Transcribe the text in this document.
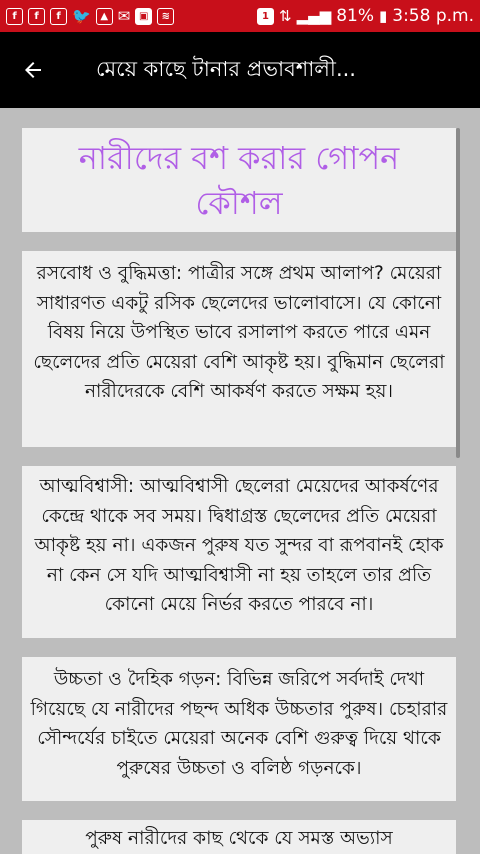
f	f	f 🐦 ▲ ✉ ▣	≋	1 ⇅ ▂▄▆ 81% ▮ 3:58 p.m.
মেয়ে কাছে টানার প্রভাবশালী...
নারীদের বশ করার গোপন কৌশল
রসবোধ ও বুদ্ধিমত্তা: পাত্রীর সঙ্গে প্রথম আলাপ? মেয়েরা সাধারণত একটু রসিক ছেলেদের ভালোবাসে। যে কোনো বিষয় নিয়ে উপস্থিত ভাবে রসালাপ করতে পারে এমন ছেলেদের প্রতি মেয়েরা বেশি আকৃষ্ট হয়। বুদ্ধিমান ছেলেরা নারীদেরকে বেশি আকর্ষণ করতে সক্ষম হয়।
আত্মবিশ্বাসী: আত্মবিশ্বাসী ছেলেরা মেয়েদের আকর্ষণের কেন্দ্রে থাকে সব সময়। দ্বিধাগ্রস্ত ছেলেদের প্রতি মেয়েরা আকৃষ্ট হয় না। একজন পুরুষ যত সুন্দর বা রূপবানই হোক না কেন সে যদি আত্মবিশ্বাসী না হয় তাহলে তার প্রতি কোনো মেয়ে নির্ভর করতে পারবে না।
উচ্চতা ও দৈহিক গড়ন: বিভিন্ন জরিপে সর্বদাই দেখা গিয়েছে যে নারীদের পছন্দ অধিক উচ্চতার পুরুষ। চেহারার সৌন্দর্যের চাইতে মেয়েরা অনেক বেশি গুরুত্ব দিয়ে থাকে পুরুষের উচ্চতা ও বলিষ্ঠ গড়নকে।
পুরুষ নারীদের কাছ থেকে যে সমস্ত অভ্যাস
